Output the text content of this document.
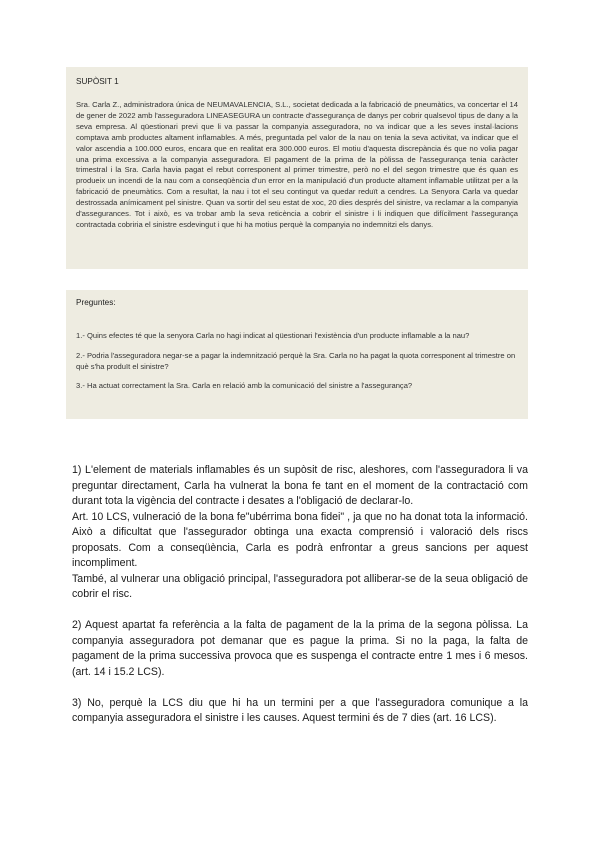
SUPÒSIT 1

Sra. Carla Z., administradora única de NEUMAVALENCIA, S.L., societat dedicada a la fabricació de pneumàtics, va concertar el 14 de gener de 2022 amb l'asseguradora LINEASEGURA un contracte d'assegurança de danys per cobrir qualsevol tipus de dany a la seva empresa. Al qüestionari previ que li va passar la companyia asseguradora, no va indicar que a les seves instal·lacions comptava amb productes altament inflamables. A més, preguntada pel valor de la nau on tenia la seva activitat, va indicar que el valor ascendia a 100.000 euros, encara que en realitat era 300.000 euros. El motiu d'aquesta discrepància és que no volia pagar una prima excessiva a la companyia asseguradora. El pagament de la prima de la pòlissa de l'assegurança tenia caràcter trimestral i la Sra. Carla havia pagat el rebut corresponent al primer trimestre, però no el del segon trimestre que és quan es produeix un incendi de la nau com a conseqüència d'un error en la manipulació d'un producte altament inflamable utilitzat per a la fabricació de pneumàtics. Com a resultat, la nau i tot el seu contingut va quedar reduït a cendres. La Senyora Carla va quedar destrossada anímicament pel sinistre. Quan va sortir del seu estat de xoc, 20 dies després del sinistre, va reclamar a la companyia d'assegurances. Tot i això, es va trobar amb la seva reticència a cobrir el sinistre i li indiquen que difícilment l'assegurança contractada cobriria el sinistre esdevingut i que hi ha motius perquè la companyia no indemnitzi els danys.

Preguntes:

1.- Quins efectes té que la senyora Carla no hagi indicat al qüestionari l'existència d'un producte inflamable a la nau?

2.- Podria l'asseguradora negar-se a pagar la indemnització perquè la Sra. Carla no ha pagat la quota corresponent al trimestre on què s'ha produït el sinistre?

3.- Ha actuat correctament la Sra. Carla en relació amb la comunicació del sinistre a l'assegurança?

1) L'element de materials inflamables és un supòsit de risc, aleshores, com l'asseguradora li va preguntar directament, Carla ha vulnerat la bona fe tant en el moment de la contractació com durant tota la vigència del contracte i desates a l'obligació de declarar-lo.

Art. 10 LCS, vulneració de la bona fe"ubérrima bona fidei" , ja que no ha donat tota la informació. Això a dificultat que l'assegurador obtinga una exacta comprensió i valoració dels riscs proposats. Com a conseqüència, Carla es podrà enfrontar a greus sancions per aquest incompliment.

També, al vulnerar una obligació principal, l'asseguradora pot alliberar-se de la seua obligació de cobrir el risc.

2) Aquest apartat fa referència a la falta de pagament de la la prima de la segona pòlissa. La companyia asseguradora pot demanar que es pague la prima. Si no la paga, la falta de pagament de la prima successiva provoca que es suspenga el contracte entre 1 mes i 6 mesos. (art. 14 i 15.2 LCS).

3) No, perquè la LCS diu que hi ha un termini per a que l'asseguradora comunique a la companyia asseguradora el sinistre i les causes. Aquest termini és de 7 dies (art. 16 LCS).
